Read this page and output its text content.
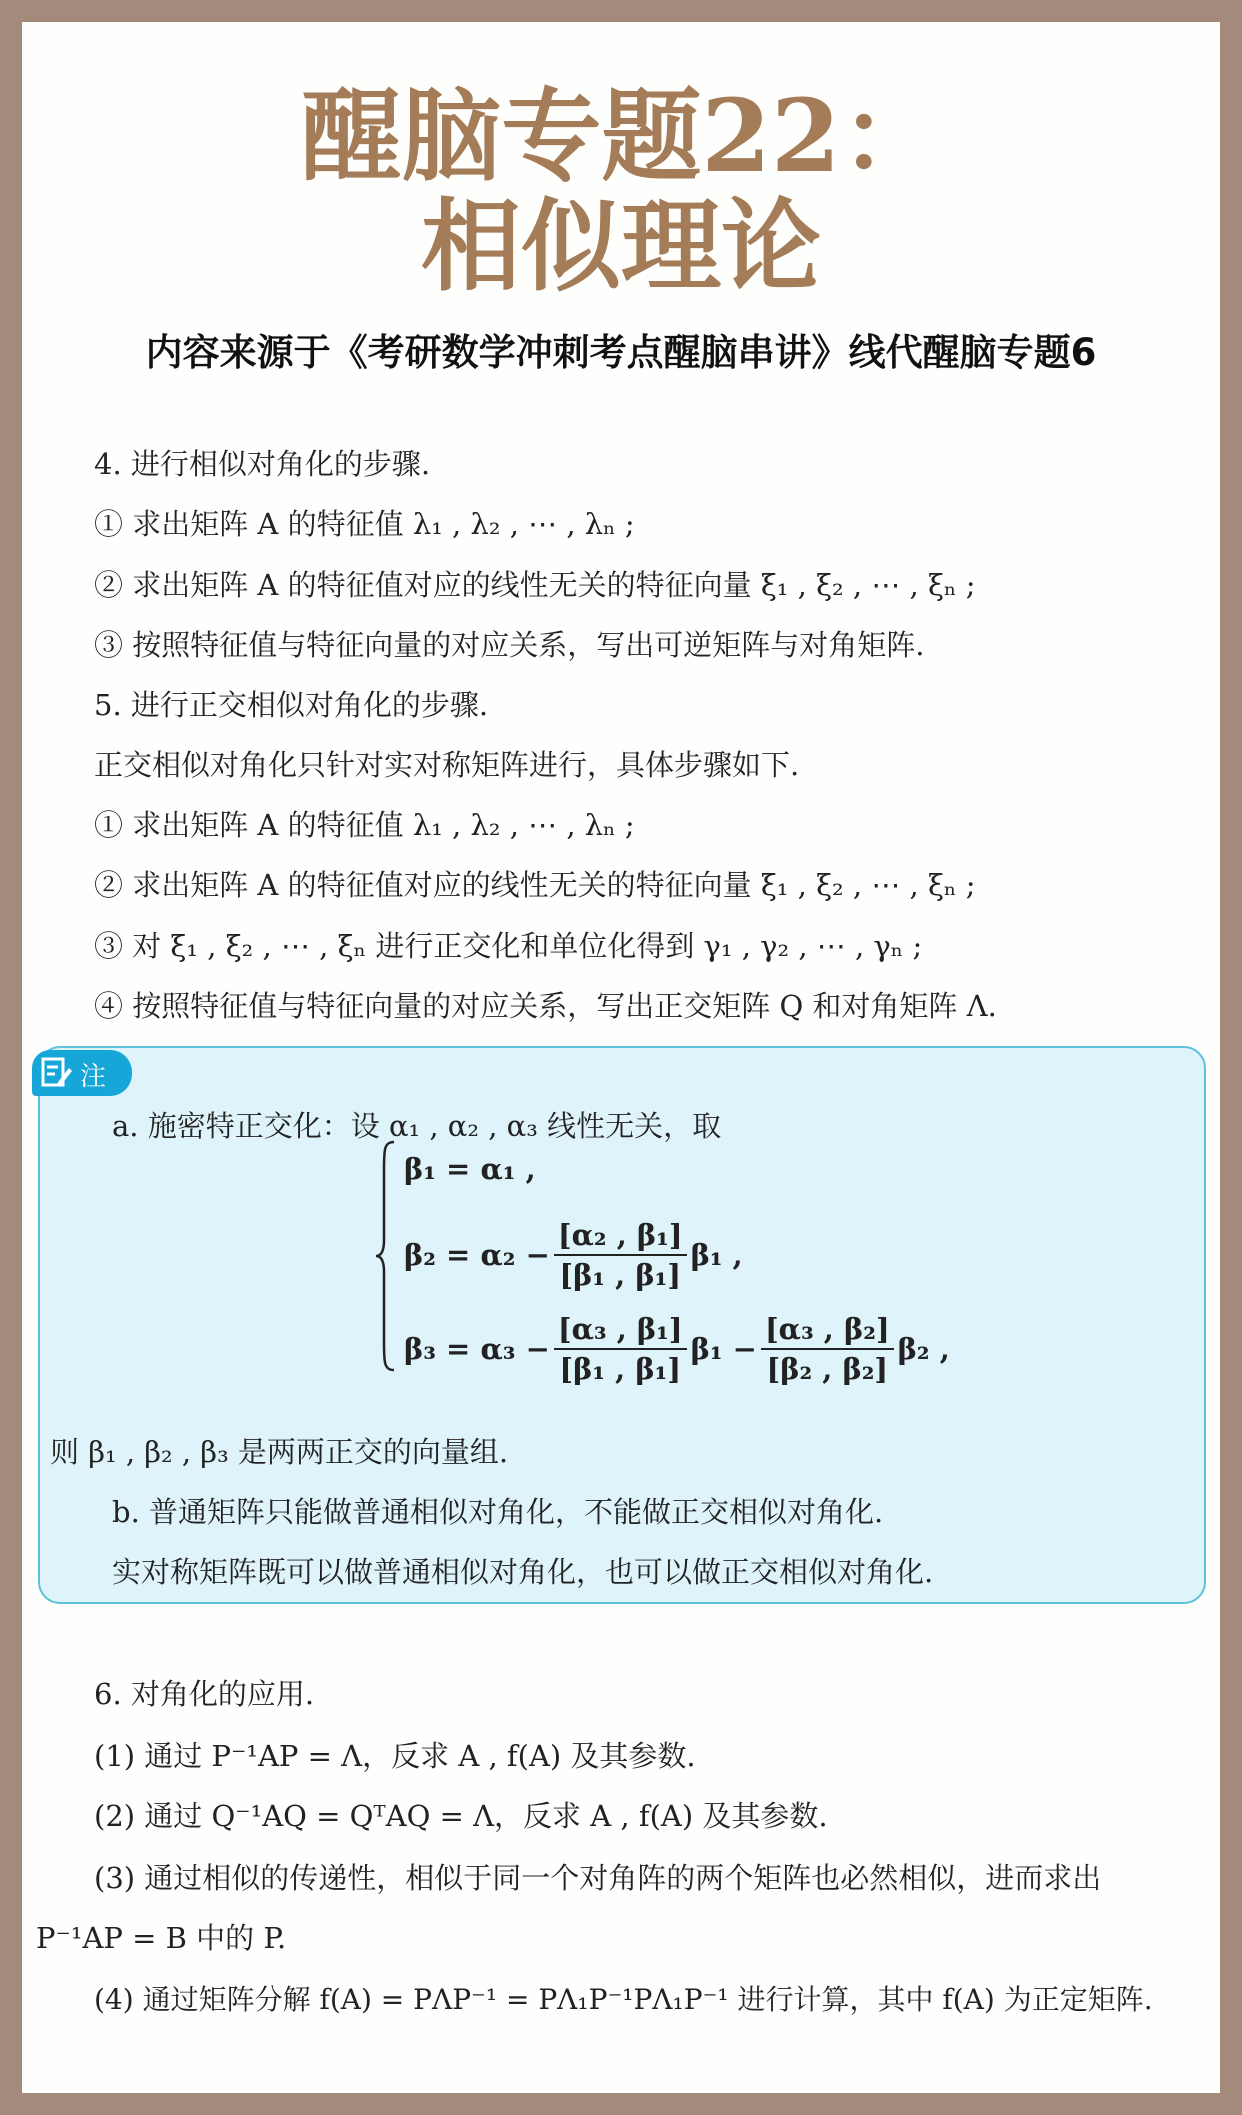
醒脑专题22：
相似理论
内容来源于《考研数学冲刺考点醒脑串讲》线代醒脑专题6
4. 进行相似对角化的步骤.
① 求出矩阵 A 的特征值 λ₁ , λ₂ , ⋯ , λₙ ;
② 求出矩阵 A 的特征值对应的线性无关的特征向量 ξ₁ , ξ₂ , ⋯ , ξₙ ;
③ 按照特征值与特征向量的对应关系，写出可逆矩阵与对角矩阵.
5. 进行正交相似对角化的步骤.
正交相似对角化只针对实对称矩阵进行，具体步骤如下.
① 求出矩阵 A 的特征值 λ₁ , λ₂ , ⋯ , λₙ ;
② 求出矩阵 A 的特征值对应的线性无关的特征向量 ξ₁ , ξ₂ , ⋯ , ξₙ ;
③ 对 ξ₁ , ξ₂ , ⋯ , ξₙ 进行正交化和单位化得到 γ₁ , γ₂ , ⋯ , γₙ ;
④ 按照特征值与特征向量的对应关系，写出正交矩阵 Q 和对角矩阵 Λ.
注
a. 施密特正交化：设 α₁ , α₂ , α₃ 线性无关，取
β₁ = α₁ ,
$\beta_2 = \alpha_2 - \frac{\text{[α₂ , β₁]}}{\text{[β₁ , β₁]}} \beta_1$ ,
$\beta_3 = \alpha_3 - \frac{\text{[α₃ , β₁]}}{\text{[β₁ , β₁]}} \beta_1 - \frac{\text{[α₃ , β₂]}}{\text{[β₂ , β₂]}} \beta_2$ ,
则 β₁ , β₂ , β₃ 是两两正交的向量组.
b. 普通矩阵只能做普通相似对角化，不能做正交相似对角化.
实对称矩阵既可以做普通相似对角化，也可以做正交相似对角化.
6. 对角化的应用.
(1) 通过 P⁻¹AP = Λ，反求 A , f(A) 及其参数.
(2) 通过 Q⁻¹AQ = QᵀAQ = Λ，反求 A , f(A) 及其参数.
(3) 通过相似的传递性，相似于同一个对角阵的两个矩阵也必然相似，进而求出
P⁻¹AP = B 中的 P.
(4) 通过矩阵分解 f(A) = PΛP⁻¹ = PΛ₁P⁻¹PΛ₁P⁻¹ 进行计算，其中 f(A) 为正定矩阵.
